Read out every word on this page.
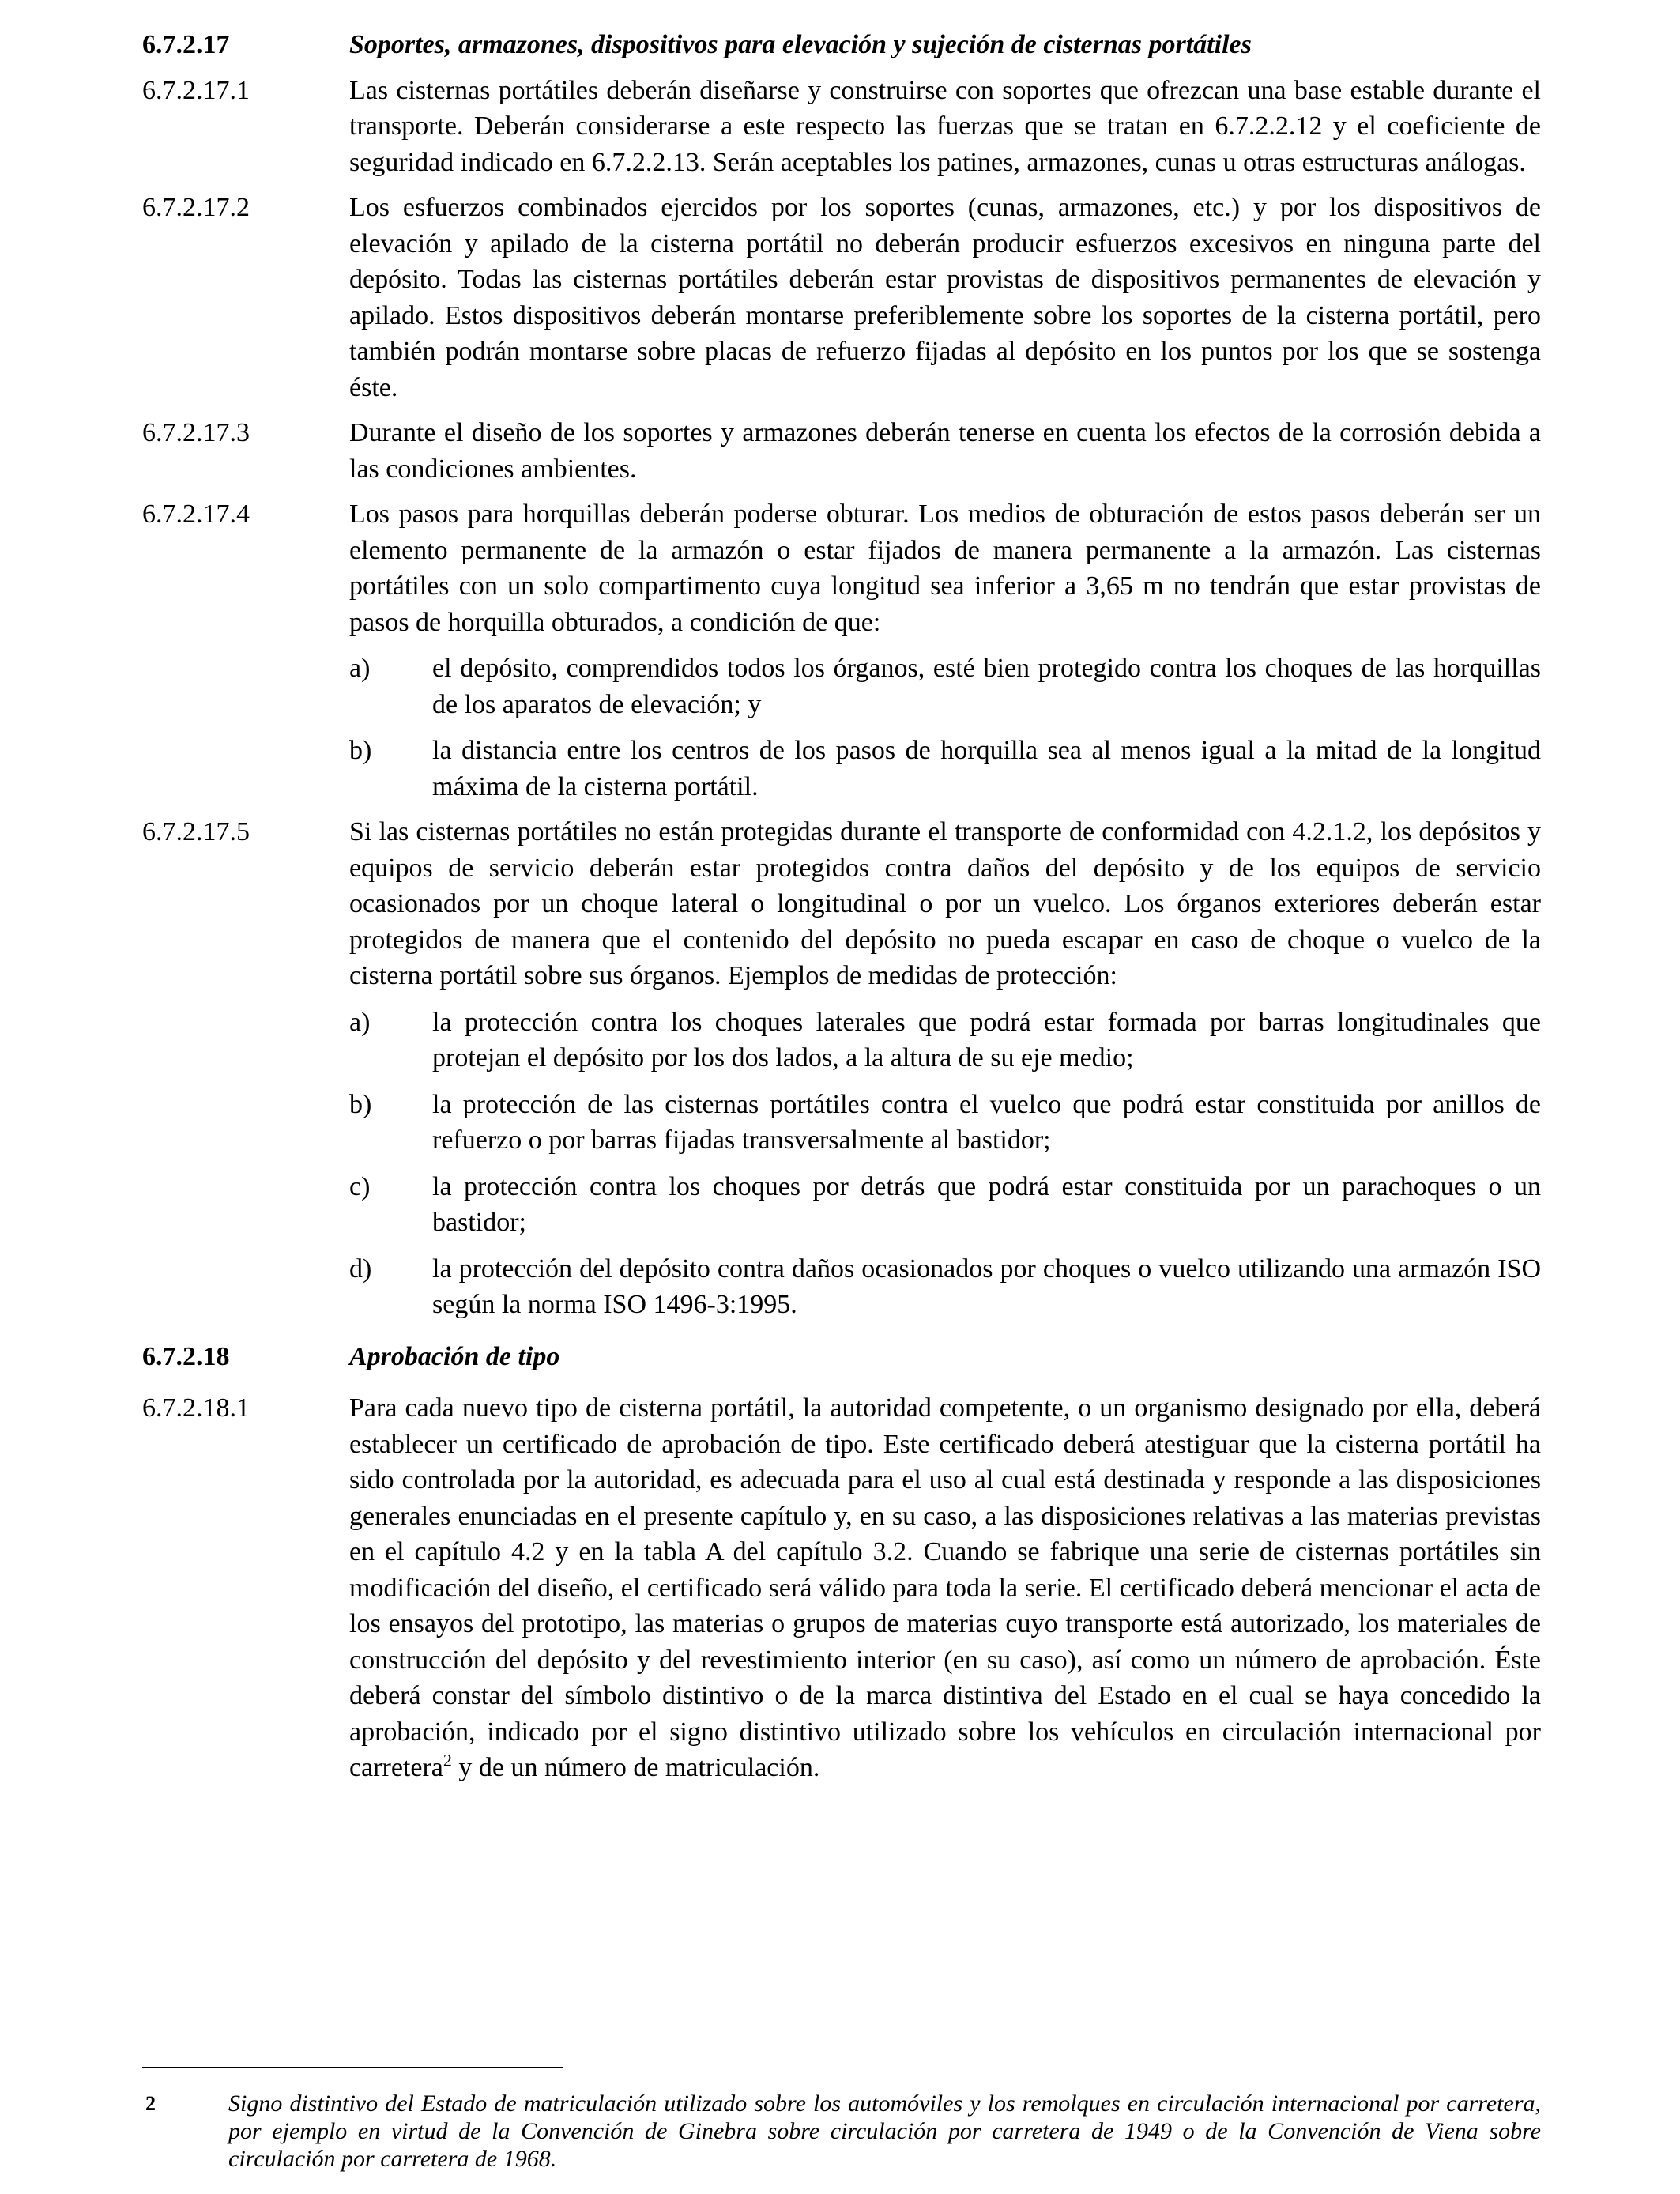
6.7.2.17	Soportes, armazones, dispositivos para elevación y sujeción de cisternas portátiles
6.7.2.17.1	Las cisternas portátiles deberán diseñarse y construirse con soportes que ofrezcan una base estable durante el transporte. Deberán considerarse a este respecto las fuerzas que se tratan en 6.7.2.2.12 y el coeficiente de seguridad indicado en 6.7.2.2.13. Serán aceptables los patines, armazones, cunas u otras estructuras análogas.
6.7.2.17.2	Los esfuerzos combinados ejercidos por los soportes (cunas, armazones, etc.) y por los dispositivos de elevación y apilado de la cisterna portátil no deberán producir esfuerzos excesivos en ninguna parte del depósito. Todas las cisternas portátiles deberán estar provistas de dispositivos permanentes de elevación y apilado. Estos dispositivos deberán montarse preferiblemente sobre los soportes de la cisterna portátil, pero también podrán montarse sobre placas de refuerzo fijadas al depósito en los puntos por los que se sostenga éste.
6.7.2.17.3	Durante el diseño de los soportes y armazones deberán tenerse en cuenta los efectos de la corrosión debida a las condiciones ambientes.
6.7.2.17.4	Los pasos para horquillas deberán poderse obturar. Los medios de obturación de estos pasos deberán ser un elemento permanente de la armazón o estar fijados de manera permanente a la armazón. Las cisternas portátiles con un solo compartimento cuya longitud sea inferior a 3,65 m no tendrán que estar provistas de pasos de horquilla obturados, a condición de que:
a)	el depósito, comprendidos todos los órganos, esté bien protegido contra los choques de las horquillas de los aparatos de elevación; y
b)	la distancia entre los centros de los pasos de horquilla sea al menos igual a la mitad de la longitud máxima de la cisterna portátil.
6.7.2.17.5	Si las cisternas portátiles no están protegidas durante el transporte de conformidad con 4.2.1.2, los depósitos y equipos de servicio deberán estar protegidos contra daños del depósito y de los equipos de servicio ocasionados por un choque lateral o longitudinal o por un vuelco. Los órganos exteriores deberán estar protegidos de manera que el contenido del depósito no pueda escapar en caso de choque o vuelco de la cisterna portátil sobre sus órganos. Ejemplos de medidas de protección:
a)	la protección contra los choques laterales que podrá estar formada por barras longitudinales que protejan el depósito por los dos lados, a la altura de su eje medio;
b)	la protección de las cisternas portátiles contra el vuelco que podrá estar constituida por anillos de refuerzo o por barras fijadas transversalmente al bastidor;
c)	la protección contra los choques por detrás que podrá estar constituida por un parachoques o un bastidor;
d)	la protección del depósito contra daños ocasionados por choques o vuelco utilizando una armazón ISO según la norma ISO 1496-3:1995.
6.7.2.18	Aprobación de tipo
6.7.2.18.1	Para cada nuevo tipo de cisterna portátil, la autoridad competente, o un organismo designado por ella, deberá establecer un certificado de aprobación de tipo. Este certificado deberá atestiguar que la cisterna portátil ha sido controlada por la autoridad, es adecuada para el uso al cual está destinada y responde a las disposiciones generales enunciadas en el presente capítulo y, en su caso, a las disposiciones relativas a las materias previstas en el capítulo 4.2 y en la tabla A del capítulo 3.2. Cuando se fabrique una serie de cisternas portátiles sin modificación del diseño, el certificado será válido para toda la serie. El certificado deberá mencionar el acta de los ensayos del prototipo, las materias o grupos de materias cuyo transporte está autorizado, los materiales de construcción del depósito y del revestimiento interior (en su caso), así como un número de aprobación. Éste deberá constar del símbolo distintivo o de la marca distintiva del Estado en el cual se haya concedido la aprobación, indicado por el signo distintivo utilizado sobre los vehículos en circulación internacional por carretera$^2$ y de un número de matriculación.
2	Signo distintivo del Estado de matriculación utilizado sobre los automóviles y los remolques en circulación internacional por carretera, por ejemplo en virtud de la Convención de Ginebra sobre circulación por carretera de 1949 o de la Convención de Viena sobre circulación por carretera de 1968.
